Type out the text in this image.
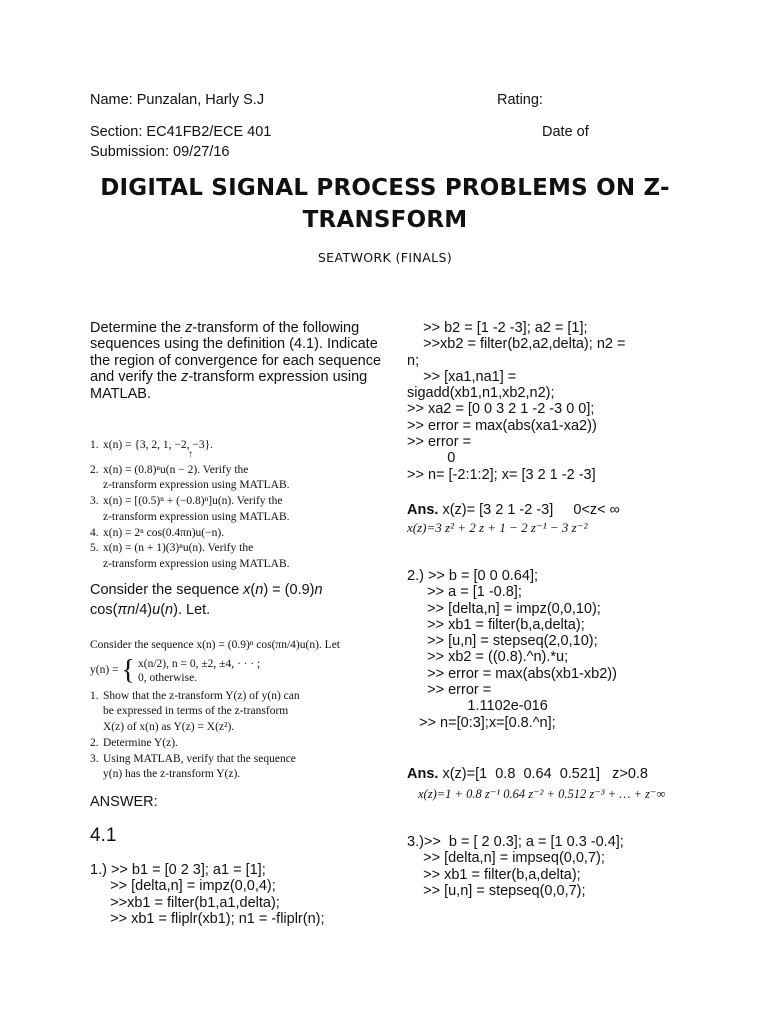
Name: Punzalan, Harly S.J	Rating:
Section: EC41FB2/ECE 401	Date of
Submission: 09/27/16
DIGITAL SIGNAL PROCESS PROBLEMS ON Z-
TRANSFORM
SEATWORK (FINALS)
Determine the z-transform of the following sequences using the definition (4.1). Indicate the region of convergence for each sequence and verify the z-transform expression using MATLAB.
1. x(n) = {3, 2, 1, −2, −3}.
↑
2. x(n) = (0.8)ⁿu(n − 2). Verify the
z-transform expression using MATLAB.
3. x(n) = [(0.5)ⁿ + (−0.8)ⁿ]u(n). Verify the
z-transform expression using MATLAB.
4. x(n) = 2ⁿ cos(0.4πn)u(−n).
5. x(n) = (n + 1)(3)ⁿu(n). Verify the
z-transform expression using MATLAB.
Consider the sequence x(n) = (0.9)n
cos(πn/4)u(n). Let.
Consider the sequence x(n) = (0.9)ⁿ cos(πn/4)u(n). Let
y(n) = { x(n/2), n = 0, ±2, ±4, · · · ;
0, otherwise.
1. Show that the z-transform Y(z) of y(n) can
be expressed in terms of the z-transform
X(z) of x(n) as Y(z) = X(z²).
2. Determine Y(z).
3. Using MATLAB, verify that the sequence
y(n) has the z-transform Y(z).
ANSWER:
4.1
1.) >> b1 = [0 2 3]; a1 = [1];
>> [delta,n] = impz(0,0,4);
>>xb1 = filter(b1,a1,delta);
>> xb1 = fliplr(xb1); n1 = -fliplr(n);
>> b2 = [1 -2 -3]; a2 = [1];
>>xb2 = filter(b2,a2,delta); n2 =
n;
>> [xa1,na1] =
sigadd(xb1,n1,xb2,n2);
>> xa2 = [0 0 3 2 1 -2 -3 0 0];
>> error = max(abs(xa1-xa2))
>> error =
0
>> n= [-2:1:2]; x= [3 2 1 -2 -3]
Ans. x(z)= [3 2 1 -2 -3]     0<z< ∞
x(z)=3 z² + 2 z + 1 − 2 z⁻¹ − 3 z⁻²
2.) >> b = [0 0 0.64];
>> a = [1 -0.8];
>> [delta,n] = impz(0,0,10);
>> xb1 = filter(b,a,delta);
>> [u,n] = stepseq(2,0,10);
>> xb2 = ((0.8).^n).*u;
>> error = max(abs(xb1-xb2))
>> error =
1.1102e-016
>> n=[0:3];x=[0.8.^n];
Ans. x(z)=[1  0.8  0.64  0.521]   z>0.8
x(z)=1 + 0.8 z⁻¹ 0.64 z⁻² + 0.512 z⁻³ + … + z⁻∞
3.)>>  b = [ 2 0.3]; a = [1 0.3 -0.4];
>> [delta,n] = impseq(0,0,7);
>> xb1 = filter(b,a,delta);
>> [u,n] = stepseq(0,0,7);
